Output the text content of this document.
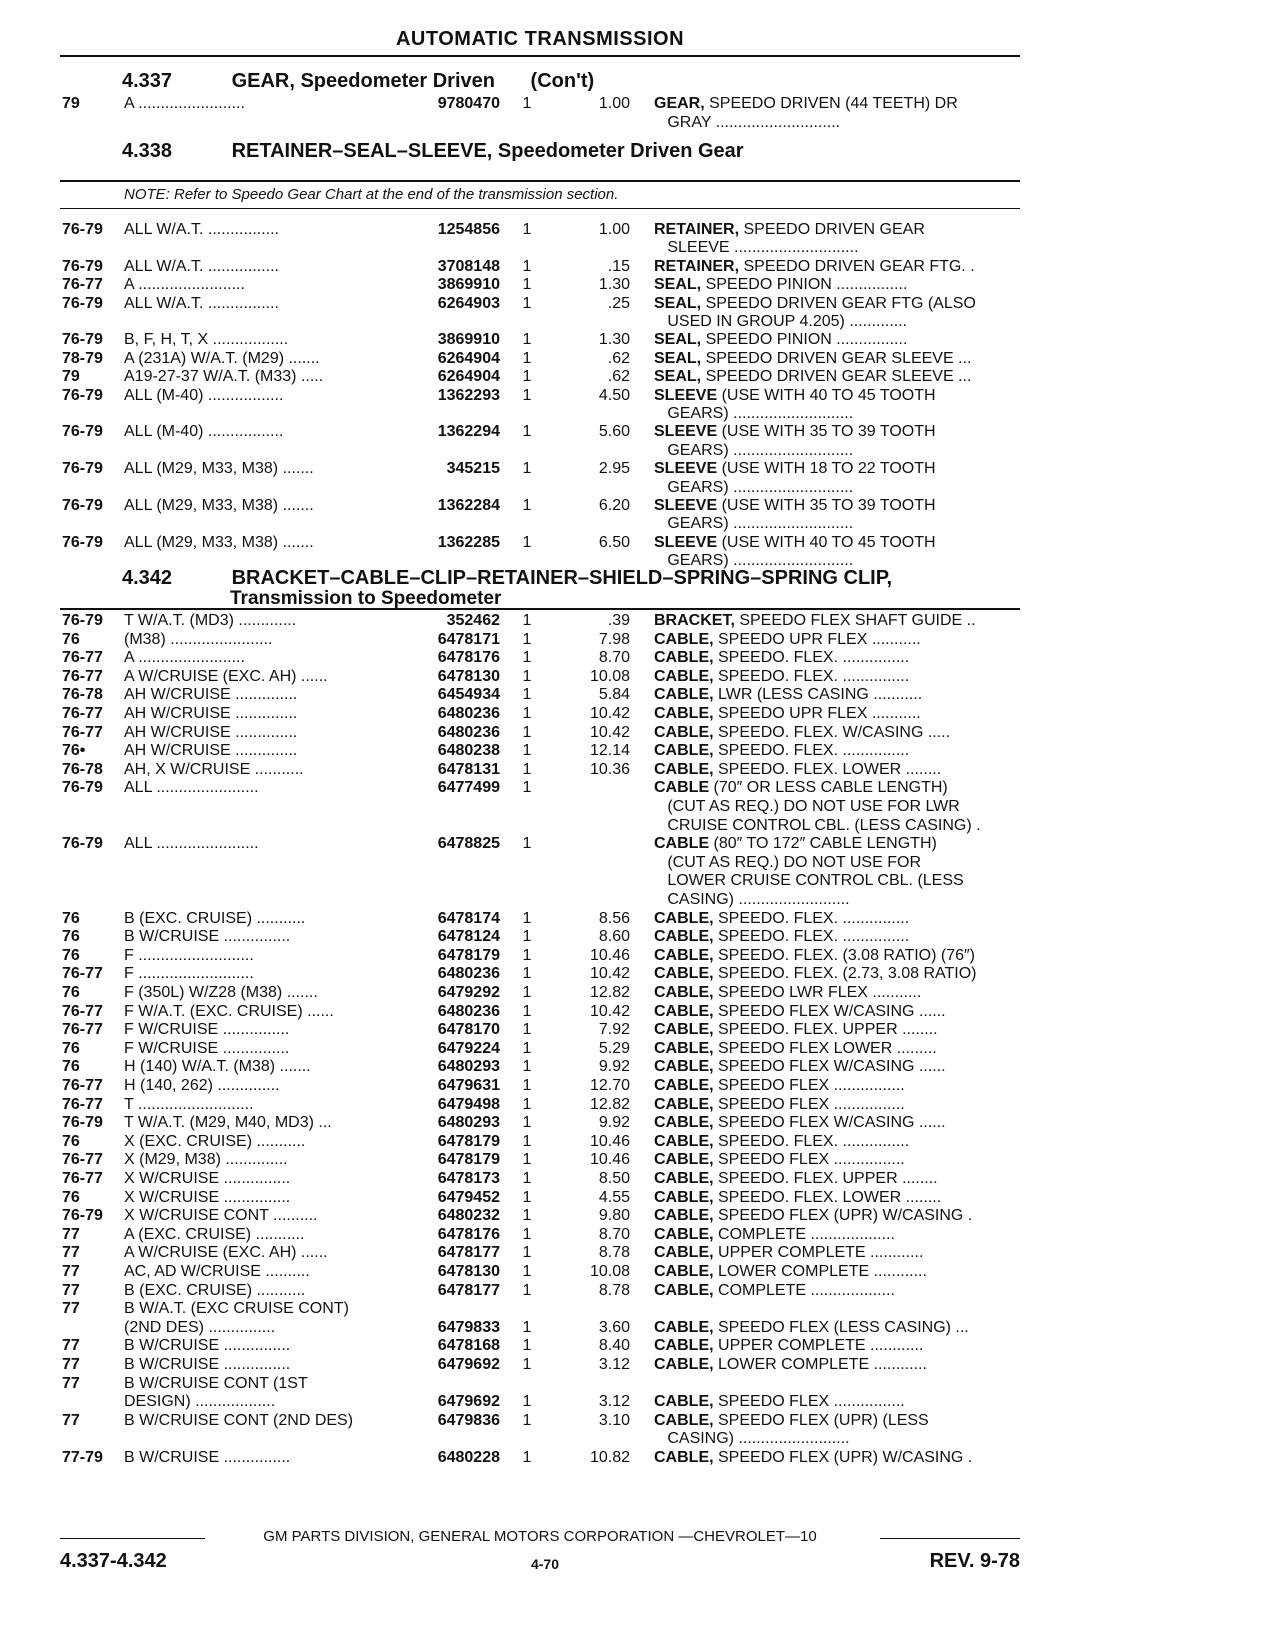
AUTOMATIC TRANSMISSION
4.337	GEAR, Speedometer Driven (Con't)
79	A ........................	9780470 1	1.00 GEAR, SPEEDO DRIVEN (44 TEETH) DR
GRAY ............................
4.338	RETAINER–SEAL–SLEEVE, Speedometer Driven Gear
NOTE: Refer to Speedo Gear Chart at the end of the transmission section.
76-79	ALL W/A.T. ................	1254856 1	1.00 RETAINER, SPEEDO DRIVEN GEAR
SLEEVE ............................
76-79	ALL W/A.T. ................	3708148 1	.15 RETAINER, SPEEDO DRIVEN GEAR FTG. .
76-77	A ........................	3869910 1	1.30 SEAL, SPEEDO PINION ................
76-79	ALL W/A.T. ................	6264903 1	.25 SEAL, SPEEDO DRIVEN GEAR FTG (ALSO
USED IN GROUP 4.205) .............
76-79	B, F, H, T, X .................	3869910 1	1.30 SEAL, SPEEDO PINION ................
78-79	A (231A) W/A.T. (M29) .......	6264904 1	.62 SEAL, SPEEDO DRIVEN GEAR SLEEVE ...
79	A19-27-37 W/A.T. (M33) .....	6264904 1	.62 SEAL, SPEEDO DRIVEN GEAR SLEEVE ...
76-79	ALL (M-40) .................	1362293 1	4.50 SLEEVE (USE WITH 40 TO 45 TOOTH
GEARS) ...........................
76-79	ALL (M-40) .................	1362294 1	5.60 SLEEVE (USE WITH 35 TO 39 TOOTH
GEARS) ...........................
76-79	ALL (M29, M33, M38) .......	345215 1	2.95 SLEEVE (USE WITH 18 TO 22 TOOTH
GEARS) ...........................
76-79	ALL (M29, M33, M38) .......	1362284 1	6.20 SLEEVE (USE WITH 35 TO 39 TOOTH
GEARS) ...........................
76-79	ALL (M29, M33, M38) .......	1362285 1	6.50 SLEEVE (USE WITH 40 TO 45 TOOTH
GEARS) ...........................
4.342	BRACKET–CABLE–CLIP–RETAINER–SHIELD–SPRING–SPRING CLIP,
Transmission to Speedometer
76-79	T W/A.T. (MD3) .............	352462 1	.39 BRACKET, SPEEDO FLEX SHAFT GUIDE ..
76	(M38) .......................	6478171 1	7.98 CABLE, SPEEDO UPR FLEX ...........
76-77	A ........................	6478176 1	8.70 CABLE, SPEEDO. FLEX. ...............
76-77	A W/CRUISE (EXC. AH) ......	6478130 1	10.08 CABLE, SPEEDO. FLEX. ...............
76-78	AH W/CRUISE ..............	6454934 1	5.84 CABLE, LWR (LESS CASING ...........
76-77	AH W/CRUISE ..............	6480236 1	10.42 CABLE, SPEEDO UPR FLEX ...........
76-77	AH W/CRUISE ..............	6480236 1	10.42 CABLE, SPEEDO. FLEX. W/CASING .....
76•	AH W/CRUISE ..............	6480238 1	12.14 CABLE, SPEEDO. FLEX. ...............
76-78	AH, X W/CRUISE ...........	6478131 1	10.36 CABLE, SPEEDO. FLEX. LOWER ........
76-79	ALL .......................	6477499 1	CABLE (70″ OR LESS CABLE LENGTH)
(CUT AS REQ.) DO NOT USE FOR LWR
CRUISE CONTROL CBL. (LESS CASING) .
76-79	ALL .......................	6478825 1	CABLE (80″ TO 172″ CABLE LENGTH)
(CUT AS REQ.) DO NOT USE FOR
LOWER CRUISE CONTROL CBL. (LESS
CASING) .........................
76	B (EXC. CRUISE) ...........	6478174 1	8.56 CABLE, SPEEDO. FLEX. ...............
76	B W/CRUISE ...............	6478124 1	8.60 CABLE, SPEEDO. FLEX. ...............
76	F ..........................	6478179 1	10.46 CABLE, SPEEDO. FLEX. (3.08 RATIO) (76″)
76-77	F ..........................	6480236 1	10.42 CABLE, SPEEDO. FLEX. (2.73, 3.08 RATIO)
76	F (350L) W/Z28 (M38) .......	6479292 1	12.82 CABLE, SPEEDO LWR FLEX ...........
76-77	F W/A.T. (EXC. CRUISE) ......	6480236 1	10.42 CABLE, SPEEDO FLEX W/CASING ......
76-77	F W/CRUISE ...............	6478170 1	7.92 CABLE, SPEEDO. FLEX. UPPER ........
76	F W/CRUISE ...............	6479224 1	5.29 CABLE, SPEEDO FLEX LOWER .........
76	H (140) W/A.T. (M38) .......	6480293 1	9.92 CABLE, SPEEDO FLEX W/CASING ......
76-77	H (140, 262) ..............	6479631 1	12.70 CABLE, SPEEDO FLEX ................
76-77	T ..........................	6479498 1	12.82 CABLE, SPEEDO FLEX ................
76-79	T W/A.T. (M29, M40, MD3) ...	6480293 1	9.92 CABLE, SPEEDO FLEX W/CASING ......
76	X (EXC. CRUISE) ...........	6478179 1	10.46 CABLE, SPEEDO. FLEX. ...............
76-77	X (M29, M38) ..............	6478179 1	10.46 CABLE, SPEEDO FLEX ................
76-77	X W/CRUISE ...............	6478173 1	8.50 CABLE, SPEEDO. FLEX. UPPER ........
76	X W/CRUISE ...............	6479452 1	4.55 CABLE, SPEEDO. FLEX. LOWER ........
76-79	X W/CRUISE CONT ..........	6480232 1	9.80 CABLE, SPEEDO FLEX (UPR) W/CASING .
77	A (EXC. CRUISE) ...........	6478176 1	8.70 CABLE, COMPLETE ...................
77	A W/CRUISE (EXC. AH) ......	6478177 1	8.78 CABLE, UPPER COMPLETE ............
77	AC, AD W/CRUISE ..........	6478130 1	10.08 CABLE, LOWER COMPLETE ............
77	B (EXC. CRUISE) ...........	6478177 1	8.78 CABLE, COMPLETE ...................
77	B W/A.T. (EXC CRUISE CONT)
(2ND DES) ...............	6479833 1	3.60 CABLE, SPEEDO FLEX (LESS CASING) ...
77	B W/CRUISE ...............	6478168 1	8.40 CABLE, UPPER COMPLETE ............
77	B W/CRUISE ...............	6479692 1	3.12 CABLE, LOWER COMPLETE ............
77	B W/CRUISE CONT (1ST
DESIGN) ..................	6479692 1	3.12 CABLE, SPEEDO FLEX ................
77	B W/CRUISE CONT (2ND DES)	6479836 1	3.10 CABLE, SPEEDO FLEX (UPR) (LESS
CASING) .........................
77-79	B W/CRUISE ...............	6480228 1	10.82 CABLE, SPEEDO FLEX (UPR) W/CASING .
GM PARTS DIVISION, GENERAL MOTORS CORPORATION —CHEVROLET—10
4.337-4.342	4-70	REV. 9-78
